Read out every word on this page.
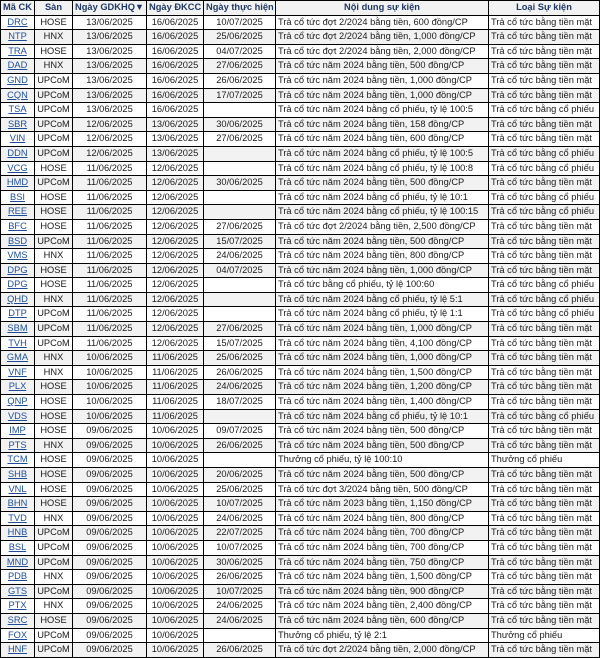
Mã CK	Sàn	Ngày GDKHQ▼	Ngày ĐKCC	Ngày thực hiện	Nội dung sự kiện	Loại Sự kiện
DRC	HOSE	13/06/2025	16/06/2025	10/07/2025	Trả cổ tức đợt 2/2024 bằng tiền, 600 đồng/CP	Trả cổ tức bằng tiền mặt
NTP	HNX	13/06/2025	16/06/2025	25/06/2025	Trả cổ tức đợt 2/2024 bằng tiền, 1,000 đồng/CP	Trả cổ tức bằng tiền mặt
TRA	HOSE	13/06/2025	16/06/2025	04/07/2025	Trả cổ tức đợt 2/2024 bằng tiền, 2,000 đồng/CP	Trả cổ tức bằng tiền mặt
DAD	HNX	13/06/2025	16/06/2025	27/06/2025	Trả cổ tức năm 2024 bằng tiền, 500 đồng/CP	Trả cổ tức bằng tiền mặt
GND	UPCoM	13/06/2025	16/06/2025	26/06/2025	Trả cổ tức năm 2024 bằng tiền, 1,000 đồng/CP	Trả cổ tức bằng tiền mặt
CQN	UPCoM	13/06/2025	16/06/2025	17/07/2025	Trả cổ tức năm 2024 bằng tiền, 1,000 đồng/CP	Trả cổ tức bằng tiền mặt
TSA	UPCoM	13/06/2025	16/06/2025		Trả cổ tức năm 2024 bằng cổ phiếu, tỷ lệ 100:5	Trả cổ tức bằng cổ phiếu
SBR	UPCoM	12/06/2025	13/06/2025	30/06/2025	Trả cổ tức năm 2024 bằng tiền, 158 đồng/CP	Trả cổ tức bằng tiền mặt
VIN	UPCoM	12/06/2025	13/06/2025	27/06/2025	Trả cổ tức năm 2024 bằng tiền, 600 đồng/CP	Trả cổ tức bằng tiền mặt
DDN	UPCoM	12/06/2025	13/06/2025		Trả cổ tức năm 2024 bằng cổ phiếu, tỷ lệ 100:5	Trả cổ tức bằng cổ phiếu
VCG	HOSE	11/06/2025	12/06/2025		Trả cổ tức năm 2024 bằng cổ phiếu, tỷ lệ 100:8	Trả cổ tức bằng cổ phiếu
HMD	UPCoM	11/06/2025	12/06/2025	30/06/2025	Trả cổ tức năm 2024 bằng tiền, 500 đồng/CP	Trả cổ tức bằng tiền mặt
BSI	HOSE	11/06/2025	12/06/2025		Trả cổ tức năm 2024 bằng cổ phiếu, tỷ lệ 10:1	Trả cổ tức bằng cổ phiếu
REE	HOSE	11/06/2025	12/06/2025		Trả cổ tức năm 2024 bằng cổ phiếu, tỷ lệ 100:15	Trả cổ tức bằng cổ phiếu
BFC	HOSE	11/06/2025	12/06/2025	27/06/2025	Trả cổ tức đợt 2/2024 bằng tiền, 2,500 đồng/CP	Trả cổ tức bằng tiền mặt
BSD	UPCoM	11/06/2025	12/06/2025	15/07/2025	Trả cổ tức năm 2024 bằng tiền, 500 đồng/CP	Trả cổ tức bằng tiền mặt
VMS	HNX	11/06/2025	12/06/2025	24/06/2025	Trả cổ tức năm 2024 bằng tiền, 800 đồng/CP	Trả cổ tức bằng tiền mặt
DPG	HOSE	11/06/2025	12/06/2025	04/07/2025	Trả cổ tức năm 2024 bằng tiền, 1,000 đồng/CP	Trả cổ tức bằng tiền mặt
DPG	HOSE	11/06/2025	12/06/2025		Trả cổ tức bằng cổ phiếu, tỷ lệ 100:60	Trả cổ tức bằng cổ phiếu
QHD	HNX	11/06/2025	12/06/2025		Trả cổ tức năm 2024 bằng cổ phiếu, tỷ lệ 5:1	Trả cổ tức bằng cổ phiếu
DTP	UPCoM	11/06/2025	12/06/2025		Trả cổ tức năm 2024 bằng cổ phiếu, tỷ lệ 1:1	Trả cổ tức bằng cổ phiếu
SBM	UPCoM	11/06/2025	12/06/2025	27/06/2025	Trả cổ tức năm 2024 bằng tiền, 1,000 đồng/CP	Trả cổ tức bằng tiền mặt
TVH	UPCoM	11/06/2025	12/06/2025	15/07/2025	Trả cổ tức năm 2024 bằng tiền, 4,100 đồng/CP	Trả cổ tức bằng tiền mặt
GMA	HNX	10/06/2025	11/06/2025	25/06/2025	Trả cổ tức năm 2024 bằng tiền, 1,000 đồng/CP	Trả cổ tức bằng tiền mặt
VNF	HNX	10/06/2025	11/06/2025	26/06/2025	Trả cổ tức năm 2024 bằng tiền, 1,500 đồng/CP	Trả cổ tức bằng tiền mặt
PLX	HOSE	10/06/2025	11/06/2025	24/06/2025	Trả cổ tức năm 2024 bằng tiền, 1,200 đồng/CP	Trả cổ tức bằng tiền mặt
QNP	HOSE	10/06/2025	11/06/2025	18/07/2025	Trả cổ tức năm 2024 bằng tiền, 1,400 đồng/CP	Trả cổ tức bằng tiền mặt
VDS	HOSE	10/06/2025	11/06/2025		Trả cổ tức năm 2024 bằng cổ phiếu, tỷ lệ 10:1	Trả cổ tức bằng cổ phiếu
IMP	HOSE	09/06/2025	10/06/2025	09/07/2025	Trả cổ tức năm 2024 bằng tiền, 500 đồng/CP	Trả cổ tức bằng tiền mặt
PTS	HNX	09/06/2025	10/06/2025	26/06/2025	Trả cổ tức năm 2024 bằng tiền, 500 đồng/CP	Trả cổ tức bằng tiền mặt
TCM	HOSE	09/06/2025	10/06/2025		Thưởng cổ phiếu, tỷ lệ 100:10	Thưởng cổ phiếu
SHB	HOSE	09/06/2025	10/06/2025	20/06/2025	Trả cổ tức năm 2024 bằng tiền, 500 đồng/CP	Trả cổ tức bằng tiền mặt
VNL	HOSE	09/06/2025	10/06/2025	25/06/2025	Trả cổ tức đợt 3/2024 bằng tiền, 500 đồng/CP	Trả cổ tức bằng tiền mặt
BHN	HOSE	09/06/2025	10/06/2025	10/07/2025	Trả cổ tức năm 2023 bằng tiền, 1,150 đồng/CP	Trả cổ tức bằng tiền mặt
TVD	HNX	09/06/2025	10/06/2025	24/06/2025	Trả cổ tức năm 2024 bằng tiền, 800 đồng/CP	Trả cổ tức bằng tiền mặt
HNB	UPCoM	09/06/2025	10/06/2025	22/07/2025	Trả cổ tức năm 2024 bằng tiền, 700 đồng/CP	Trả cổ tức bằng tiền mặt
BSL	UPCoM	09/06/2025	10/06/2025	10/07/2025	Trả cổ tức năm 2024 bằng tiền, 700 đồng/CP	Trả cổ tức bằng tiền mặt
MND	UPCoM	09/06/2025	10/06/2025	30/06/2025	Trả cổ tức năm 2024 bằng tiền, 750 đồng/CP	Trả cổ tức bằng tiền mặt
PDB	HNX	09/06/2025	10/06/2025	26/06/2025	Trả cổ tức năm 2024 bằng tiền, 1,500 đồng/CP	Trả cổ tức bằng tiền mặt
GTS	UPCoM	09/06/2025	10/06/2025	10/07/2025	Trả cổ tức năm 2024 bằng tiền, 900 đồng/CP	Trả cổ tức bằng tiền mặt
PTX	HNX	09/06/2025	10/06/2025	24/06/2025	Trả cổ tức năm 2024 bằng tiền, 2,400 đồng/CP	Trả cổ tức bằng tiền mặt
SRC	HOSE	09/06/2025	10/06/2025	24/06/2025	Trả cổ tức năm 2024 bằng tiền, 600 đồng/CP	Trả cổ tức bằng tiền mặt
FOX	UPCoM	09/06/2025	10/06/2025		Thưởng cổ phiếu, tỷ lệ 2:1	Thưởng cổ phiếu
HNF	UPCoM	09/06/2025	10/06/2025	26/06/2025	Trả cổ tức đợt 2/2024 bằng tiền, 2,000 đồng/CP	Trả cổ tức bằng tiền mặt
